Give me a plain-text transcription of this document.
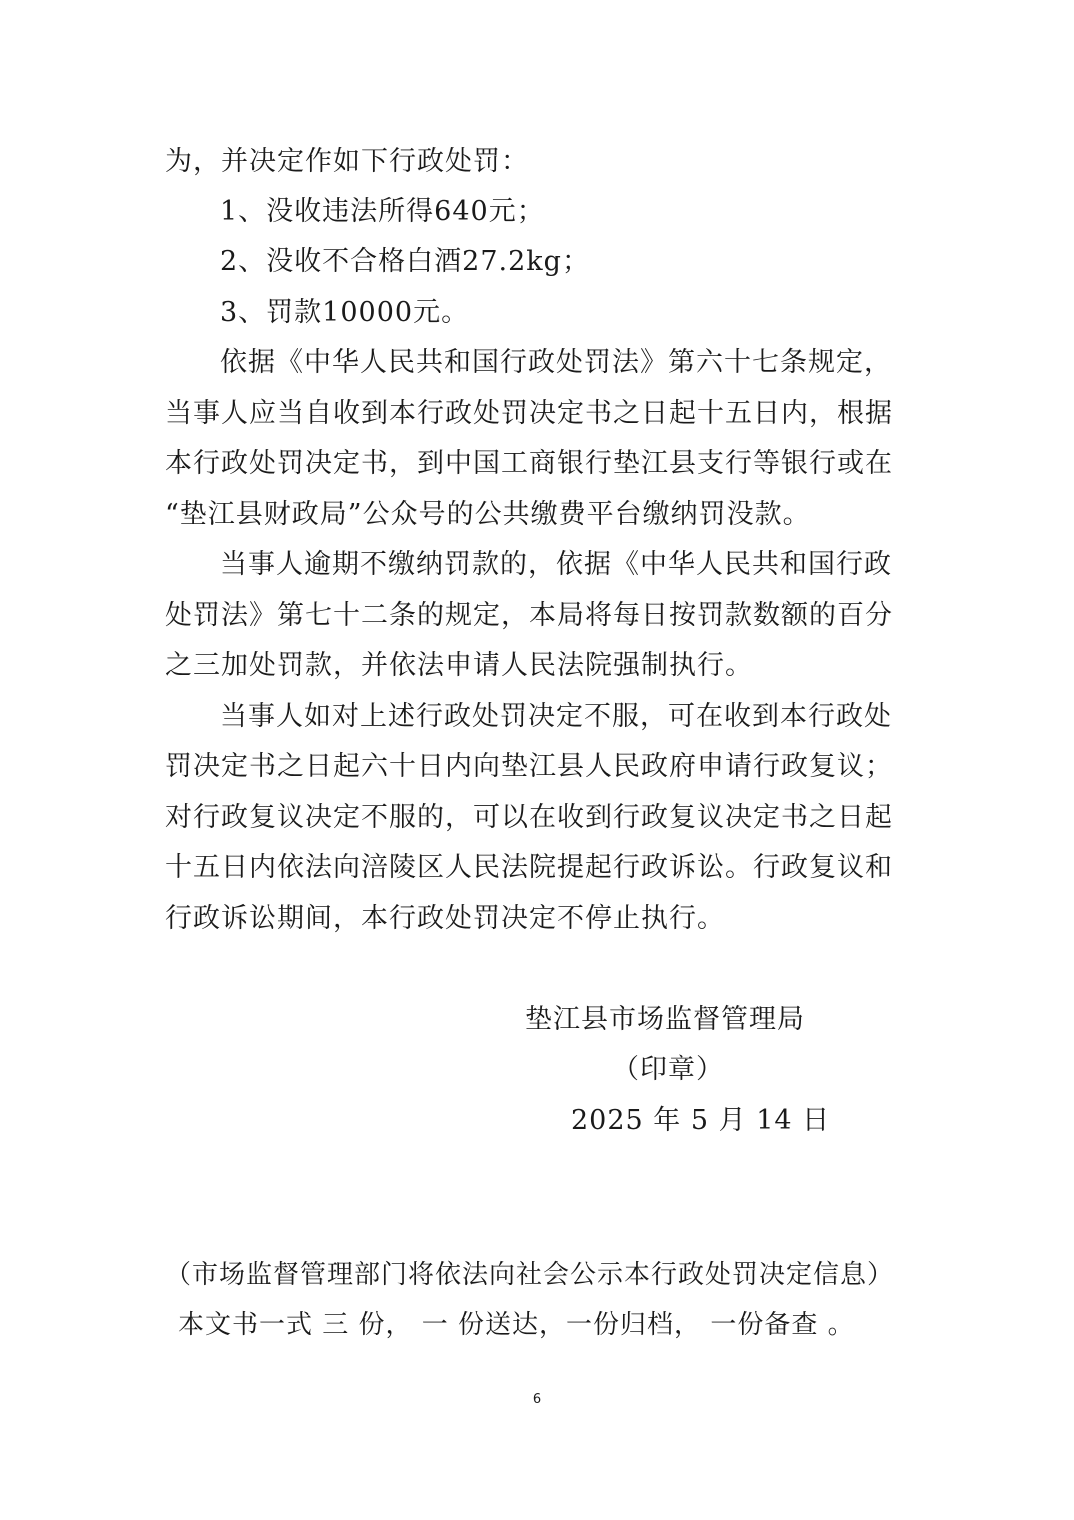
为，并决定作如下行政处罚：
1、没收违法所得640元；
2、没收不合格白酒27.2kg；
3、罚款10000元。
依据《中华人民共和国行政处罚法》第六十七条规定，
当事人应当自收到本行政处罚决定书之日起十五日内，根据
本行政处罚决定书，到中国工商银行垫江县支行等银行或在
“垫江县财政局”公众号的公共缴费平台缴纳罚没款。
当事人逾期不缴纳罚款的，依据《中华人民共和国行政
处罚法》第七十二条的规定，本局将每日按罚款数额的百分
之三加处罚款，并依法申请人民法院强制执行。
当事人如对上述行政处罚决定不服，可在收到本行政处
罚决定书之日起六十日内向垫江县人民政府申请行政复议；
对行政复议决定不服的，可以在收到行政复议决定书之日起
十五日内依法向涪陵区人民法院提起行政诉讼。行政复议和
行政诉讼期间，本行政处罚决定不停止执行。
垫江县市场监督管理局
（印章）
2025 年 5 月 14 日
（市场监督管理部门将依法向社会公示本行政处罚决定信息）
本文书一式 三 份， 一 份送达，一份归档， 一份备查 。
6
